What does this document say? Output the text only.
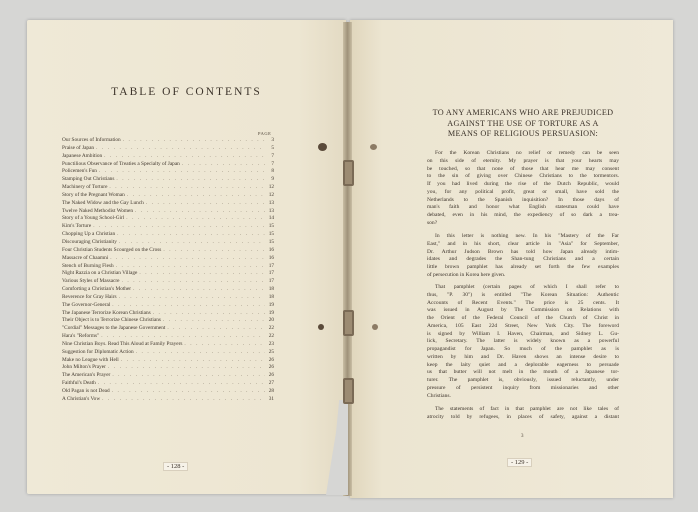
TABLE OF CONTENTS
PAGE
Our Sources of Information . . .	3
Praise of Japan . . .	5
Japanese Ambition . . .	7
Punctilious Observance of Treaties a Specialty of Japan . . .	7
Policemen's Fun . . .	8
Stamping Out Christians . . .	9
Machinery of Torture . . .	12
Story of the Pregnant Woman . . .	12
The Naked Widow and the Gay Lunch . . .	13
Twelve Naked Methodist Women . . .	13
Story of a Young School-Girl . . .	14
Kim's Torture . . .	15
Chopping Up a Christian . . .	15
Discouraging Christianity . . .	15
Four Christian Students Scourged on the Cross . . .	16
Massacre of Chaamni . . .	16
Stench of Burning Flesh . . .	17
Night Razzia on a Christian Village . . .	17
Various Styles of Massacre . . .	17
Comforting a Christian's Mother . . .	18
Reverence for Gray Hairs . . .	18
The Governor-General . . .	19
The Japanese Terrorize Korean Christians . . .	19
Their Object is to Terrorize Chinese Christians . . .	20
"Cordial" Messages to the Japanese Government . . .	22
Hara's "Reforms" . . .	22
Nine Christian Boys. Read This Aloud at Family Prayers . . .	23
Suggestion for Diplomatic Action . . .	25
Make no League with Hell . . .	26
John Milton's Prayer . . .	26
The American's Prayer . . .	26
Faithful's Death . . .	27
Old Pagan is not Dead . . .	28
A Christian's Vow . . .	31
- 128 -
TO ANY AMERICANS WHO ARE PREJUDICED
AGAINST THE USE OF TORTURE AS A
MEANS OF RELIGIOUS PERSUASION:
For the Korean Christians no relief or remedy can be seen
on this side of eternity. My prayer is that your hearts may
be touched, so that none of those that hear me may consent
to the sin of giving over Chinese Christians to the tormentors.
If you had lived during the rise of the Dutch Republic, would
you, for any political profit, great or small, have sold the
Netherlands to the Spanish inquisition? In those days of
man's faith and honor what English statesman could have
debated, even in his mind, the expediency of so dark a trea-
son?
In this letter is nothing new. In his "Mastery of the Far
East," and in his short, clear article in "Asia" for September,
Dr. Arthur Judson Brown has told how Japan already intim-
idates and degrades the Shan-tung Christians and a certain
little brown pamphlet has already set forth the few examples
of persecution in Korea here given.
That pamphlet (certain pages of which I shall refer to
thus, "P. 30") is entitled "The Korean Situation: Authentic
Accounts of Recent Events." The price is 25 cents. It
was issued in August by The Commission on Relations with
the Orient of the Federal Council of the Church of Christ in
America, 105 East 22d Street, New York City. The foreword
is signed by William I. Haven, Chairman, and Sidney L. Gu-
lick, Secretary. The latter is widely known as a powerful
propagandist for Japan. So much of the pamphlet as is
written by him and Dr. Haven shows an intense desire to
keep the laity quiet and a deplorable eagerness to persuade
us that butter will not melt in the mouth of a Japanese tor-
turer. The pamphlet is, obviously, issued reluctantly, under
pressure of persistent inquiry from missionaries and other
Christians.
The statements of fact in that pamphlet are not like tales of
atrocity told by refugees, in places of safety, against a distant
3
- 129 -
